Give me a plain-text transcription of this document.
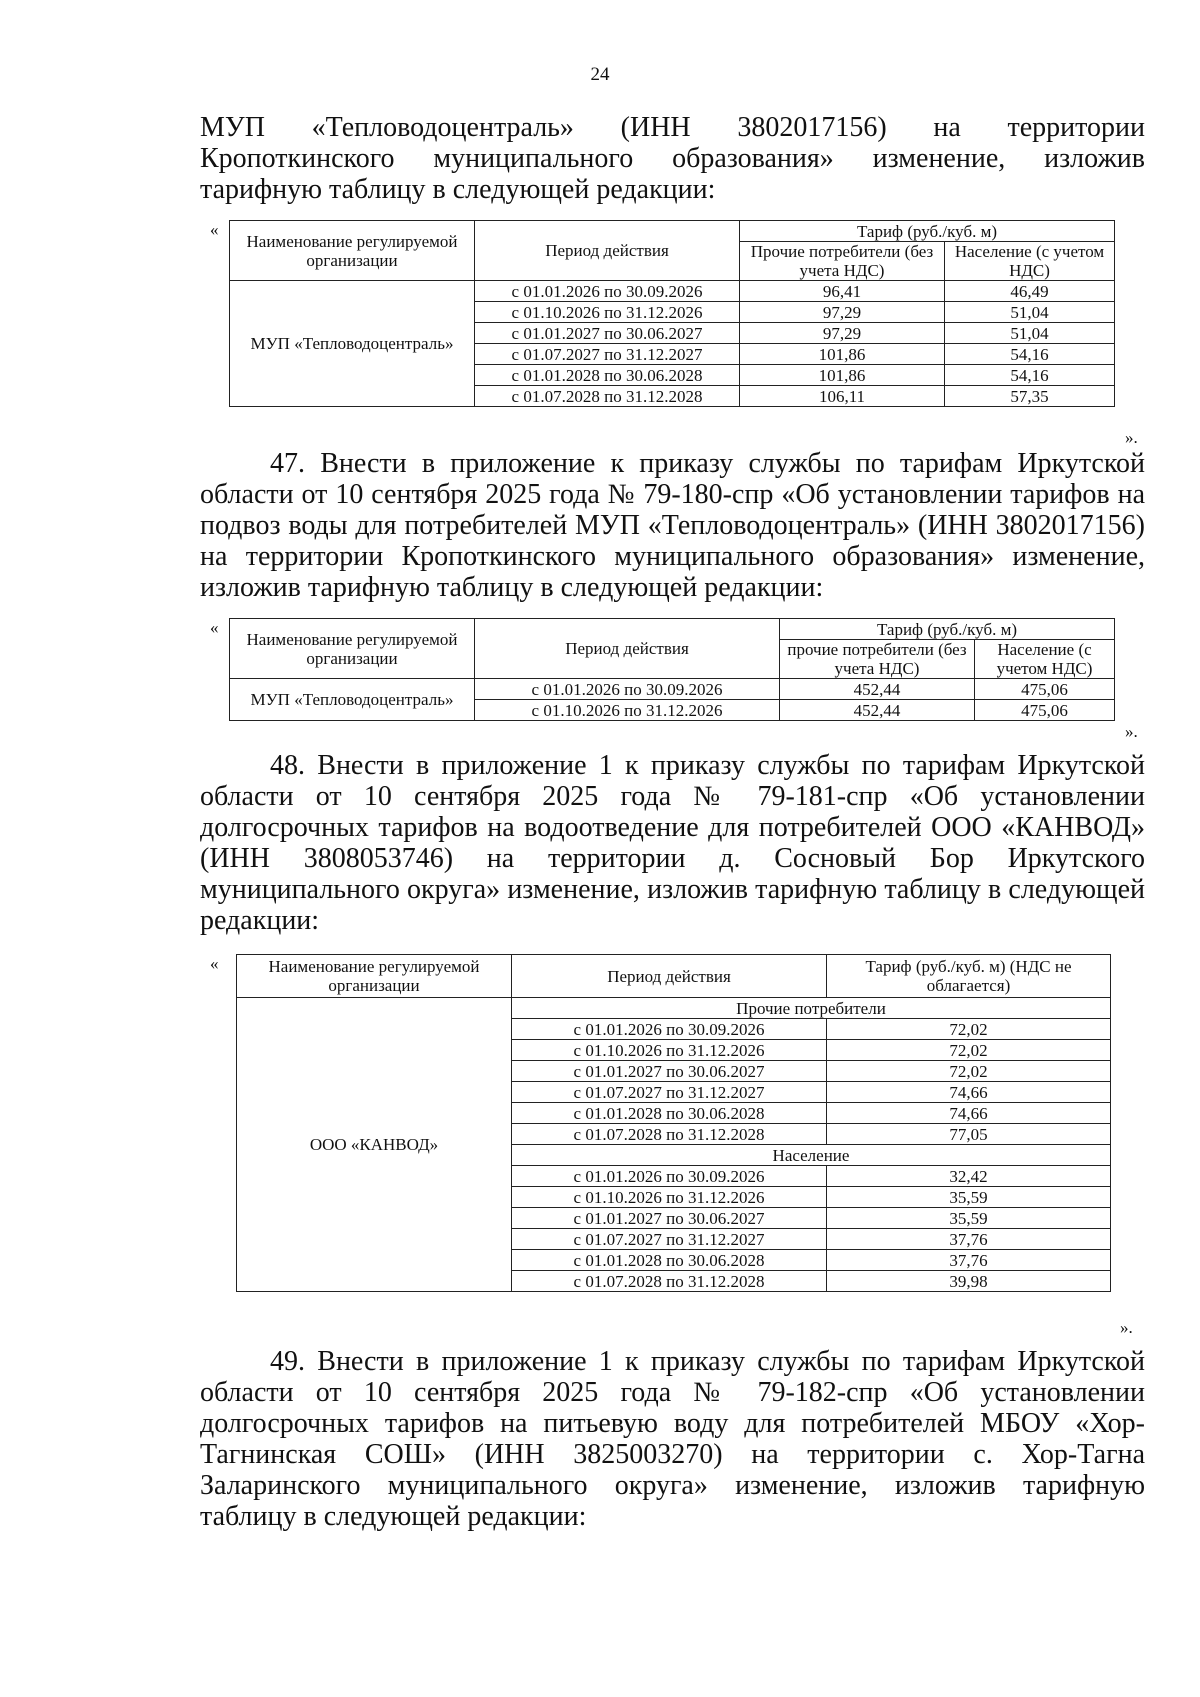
24

МУП «Тепловодоцентраль» (ИНН 3802017156) на территории Кропоткинского муниципального образования» изменение, изложив тарифную таблицу в следующей редакции:

«
Наименование регулируемой организации	Период действия	Тариф (руб./куб. м)	
		Прочие потребители (без учета НДС)	Население (с учетом НДС)
МУП «Тепловодоцентраль»	с 01.01.2026 по 30.09.2026	96,41	46,49
	с 01.10.2026 по 31.12.2026	97,29	51,04
	с 01.01.2027 по 30.06.2027	97,29	51,04
	с 01.07.2027 по 31.12.2027	101,86	54,16
	с 01.01.2028 по 30.06.2028	101,86	54,16
	с 01.07.2028 по 31.12.2028	106,11	57,35
».

47. Внести в приложение к приказу службы по тарифам Иркутской области от 10 сентября 2025 года № 79-180-спр «Об установлении тарифов на подвоз воды для потребителей МУП «Тепловодоцентраль» (ИНН 3802017156) на территории Кропоткинского муниципального образования» изменение, изложив тарифную таблицу в следующей редакции:

«
Наименование регулируемой организации	Период действия	Тариф (руб./куб. м)	
		прочие потребители (без учета НДС)	Население (с учетом НДС)
МУП «Тепловодоцентраль»	с 01.01.2026 по 30.09.2026	452,44	475,06
	с 01.10.2026 по 31.12.2026	452,44	475,06
».

48. Внести в приложение 1 к приказу службы по тарифам Иркутской области от 10 сентября 2025 года № 79-181-спр «Об установлении долгосрочных тарифов на водоотведение для потребителей ООО «КАНВОД» (ИНН 3808053746) на территории д. Сосновый Бор Иркутского муниципального округа» изменение, изложив тарифную таблицу в следующей редакции:

«	Наименование регулируемой организации	Период действия	Тариф (руб./куб. м) (НДС не облагается)
ООО «КАНВОД»	Прочие потребители	
	с 01.01.2026 по 30.09.2026	72,02
	с 01.10.2026 по 31.12.2026	72,02
	с 01.01.2027 по 30.06.2027	72,02
	с 01.07.2027 по 31.12.2027	74,66
	с 01.01.2028 по 30.06.2028	74,66
	с 01.07.2028 по 31.12.2028	77,05
	Население	
	с 01.01.2026 по 30.09.2026	32,42
	с 01.10.2026 по 31.12.2026	35,59
	с 01.01.2027 по 30.06.2027	35,59
	с 01.07.2027 по 31.12.2027	37,76
	с 01.01.2028 по 30.06.2028	37,76
	с 01.07.2028 по 31.12.2028	39,98
».

49. Внести в приложение 1 к приказу службы по тарифам Иркутской области от 10 сентября 2025 года № 79-182-спр «Об установлении долгосрочных тарифов на питьевую воду для потребителей МБОУ «Хор-Тагнинская СОШ» (ИНН 3825003270) на территории с. Хор-Тагна Заларинского муниципального округа» изменение, изложив тарифную таблицу в следующей редакции:
